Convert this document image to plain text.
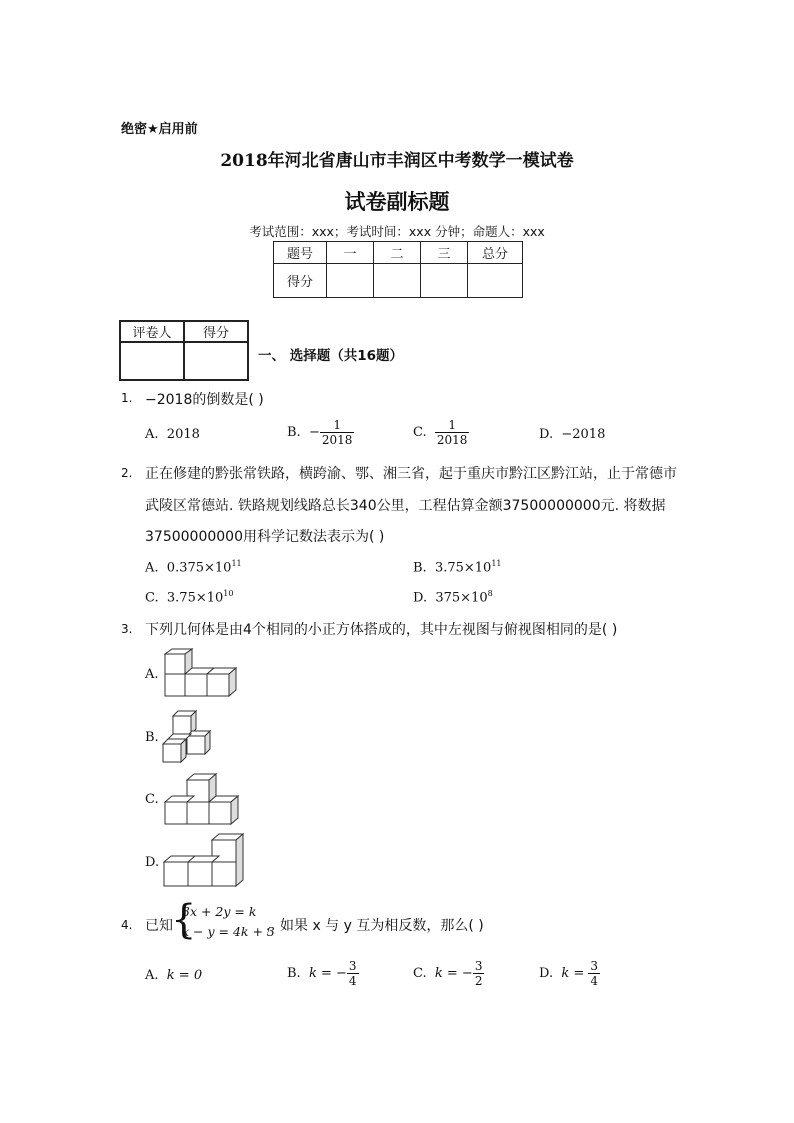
绝密★启用前
2018年河北省唐山市丰润区中考数学一模试卷
试卷副标题
考试范围：xxx；考试时间：xxx 分钟；命题人：xxx
题号	一	二	三	总分
得分				
评卷人	得分

一、 选择题（共16题）
1. −2018的倒数是( )
A. 2018	B. − $\frac{1}{2018}$	C. $\frac{1}{2018}$	D. −2018
2. 正在修建的黔张常铁路，横跨渝、鄂、湘三省，起于重庆市黔江区黔江站，止于常德市
武陵区常德站. 铁路规划线路总长340公里，工程估算金额37500000000元. 将数据
37500000000用科学记数法表示为( )
A. $0.375\times 10^{11}$	B. $3.75\times 10^{11}$
C. $3.75\times 10^{10}$	D. $375\times 10^8$
3. 下列几何体是由4个相同的小正方体搭成的，其中左视图与俯视图相同的是( )
A.
B.
C.
D.
4. 已知
{
3x + 2y = k
x − y = 4k + 3
，如果 x 与 y 互为相反数，那么( )
A. k = 0	B. k = − $\frac{3}{4}$	C. k = − $\frac{3}{2}$	D. $k = \frac{3}{4}$
